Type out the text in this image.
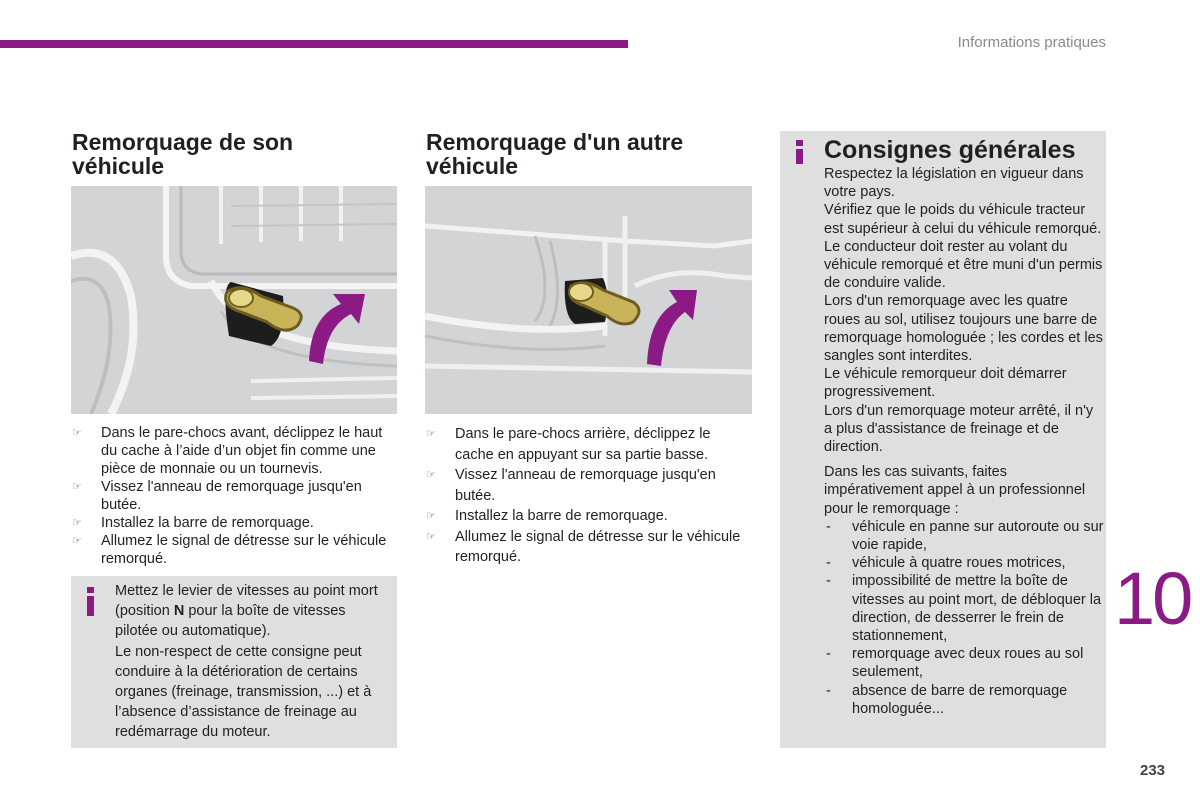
Informations pratiques
Remorquage de son
véhicule
☞ Dans le pare-chocs avant, déclippez le haut du cache à l’aide d’un objet fin comme une pièce de monnaie ou un tournevis.
☞ Vissez l'anneau de remorquage jusqu'en butée.
☞ Installez la barre de remorquage.
☞ Allumez le signal de détresse sur le véhicule remorqué.

Mettez le levier de vitesses au point mort (position N pour la boîte de vitesses pilotée ou automatique).

Le non-respect de cette consigne peut conduire à la détérioration de certains organes (freinage, transmission, ...) et à l’absence d’assistance de freinage au redémarrage du moteur.

Remorquage d'un autre
véhicule
☞ Dans le pare-chocs arrière, déclippez le cache en appuyant sur sa partie basse.
☞ Vissez l'anneau de remorquage jusqu'en butée.
☞ Installez la barre de remorquage.
☞ Allumez le signal de détresse sur le véhicule remorqué.
Consignes générales

Respectez la législation en vigueur dans votre pays.

Vérifiez que le poids du véhicule tracteur est supérieur à celui du véhicule remorqué.

Le conducteur doit rester au volant du véhicule remorqué et être muni d'un permis de conduire valide.

Lors d'un remorquage avec les quatre roues au sol, utilisez toujours une barre de remorquage homologuée ; les cordes et les sangles sont interdites.

Le véhicule remorqueur doit démarrer progressivement.

Lors d'un remorquage moteur arrêté, il n'y a plus d'assistance de freinage et de direction.

Dans les cas suivants, faites impérativement appel à un professionnel pour le remorquage :

- véhicule en panne sur autoroute ou sur voie rapide,
- véhicule à quatre roues motrices,
- impossibilité de mettre la boîte de vitesses au point mort, de débloquer la direction, de desserrer le frein de stationnement,
- remorquage avec deux roues au sol seulement,
- absence de barre de remorquage homologuée...
10
233
